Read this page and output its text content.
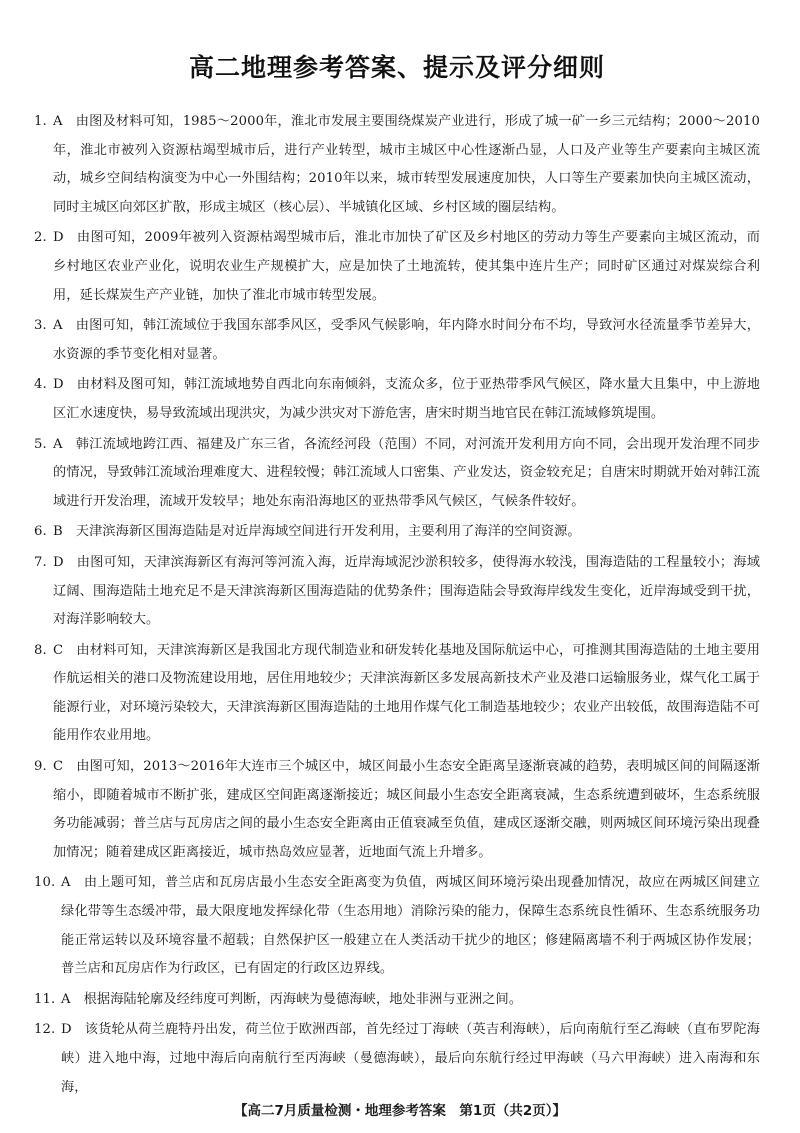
高二地理参考答案、提示及评分细则
1. A 由图及材料可知，1985～2000年，淮北市发展主要围绕煤炭产业进行，形成了城一矿一乡三元结构；2000～2010年，淮北市被列入资源枯竭型城市后，进行产业转型，城市主城区中心性逐渐凸显，人口及产业等生产要素向主城区流动，城乡空间结构演变为中心一外围结构；2010年以来，城市转型发展速度加快，人口等生产要素加快向主城区流动，同时主城区向郊区扩散，形成主城区（核心层）、半城镇化区域、乡村区域的圈层结构。
2. D 由图可知，2009年被列入资源枯竭型城市后，淮北市加快了矿区及乡村地区的劳动力等生产要素向主城区流动，而乡村地区农业产业化，说明农业生产规模扩大，应是加快了土地流转，使其集中连片生产；同时矿区通过对煤炭综合利用，延长煤炭生产产业链，加快了淮北市城市转型发展。
3. A 由图可知，韩江流域位于我国东部季风区，受季风气候影响，年内降水时间分布不均，导致河水径流量季节差异大，水资源的季节变化相对显著。
4. D 由材料及图可知，韩江流域地势自西北向东南倾斜，支流众多，位于亚热带季风气候区，降水量大且集中，中上游地区汇水速度快，易导致流域出现洪灾，为减少洪灾对下游危害，唐宋时期当地官民在韩江流域修筑堤围。
5. A 韩江流域地跨江西、福建及广东三省，各流经河段（范围）不同，对河流开发利用方向不同，会出现开发治理不同步的情况，导致韩江流域治理难度大、进程较慢；韩江流域人口密集、产业发达，资金较充足；自唐宋时期就开始对韩江流域进行开发治理，流域开发较早；地处东南沿海地区的亚热带季风气候区，气候条件较好。
6. B 天津滨海新区围海造陆是对近岸海域空间进行开发利用，主要利用了海洋的空间资源。
7. D 由图可知，天津滨海新区有海河等河流入海，近岸海域泥沙淤积较多，使得海水较浅，围海造陆的工程量较小；海域辽阔、围海造陆土地充足不是天津滨海新区围海造陆的优势条件；围海造陆会导致海岸线发生变化，近岸海域受到干扰，对海洋影响较大。
8. C 由材料可知，天津滨海新区是我国北方现代制造业和研发转化基地及国际航运中心，可推测其围海造陆的土地主要用作航运相关的港口及物流建设用地，居住用地较少；天津滨海新区多发展高新技术产业及港口运输服务业，煤气化工属于能源行业，对环境污染较大，天津滨海新区围海造陆的土地用作煤气化工制造基地较少；农业产出较低，故围海造陆不可能用作农业用地。
9. C 由图可知，2013～2016年大连市三个城区中，城区间最小生态安全距离呈逐渐衰减的趋势，表明城区间的间隔逐渐缩小，即随着城市不断扩张，建成区空间距离逐渐接近；城区间最小生态安全距离衰减，生态系统遭到破坏，生态系统服务功能减弱；普兰店与瓦房店之间的最小生态安全距离由正值衰减至负值，建成区逐渐交融，则两城区间环境污染出现叠加情况；随着建成区距离接近，城市热岛效应显著，近地面气流上升增多。
10. A 由上题可知，普兰店和瓦房店最小生态安全距离变为负值，两城区间环境污染出现叠加情况，故应在两城区间建立绿化带等生态缓冲带，最大限度地发挥绿化带（生态用地）消除污染的能力，保障生态系统良性循环、生态系统服务功能正常运转以及环境容量不超载；自然保护区一般建立在人类活动干扰少的地区；修建隔离墙不利于两城区协作发展；普兰店和瓦房店作为行政区，已有固定的行政区边界线。
11. A 根据海陆轮廓及经纬度可判断，丙海峡为曼德海峡，地处非洲与亚洲之间。
12. D 该货轮从荷兰鹿特丹出发，荷兰位于欧洲西部，首先经过丁海峡（英吉利海峡），后向南航行至乙海峡（直布罗陀海峡）进入地中海，过地中海后向南航行至丙海峡（曼德海峡），最后向东航行经过甲海峡（马六甲海峡）进入南海和东海，
【高二7月质量检测・地理参考答案　第1页（共2页）】
